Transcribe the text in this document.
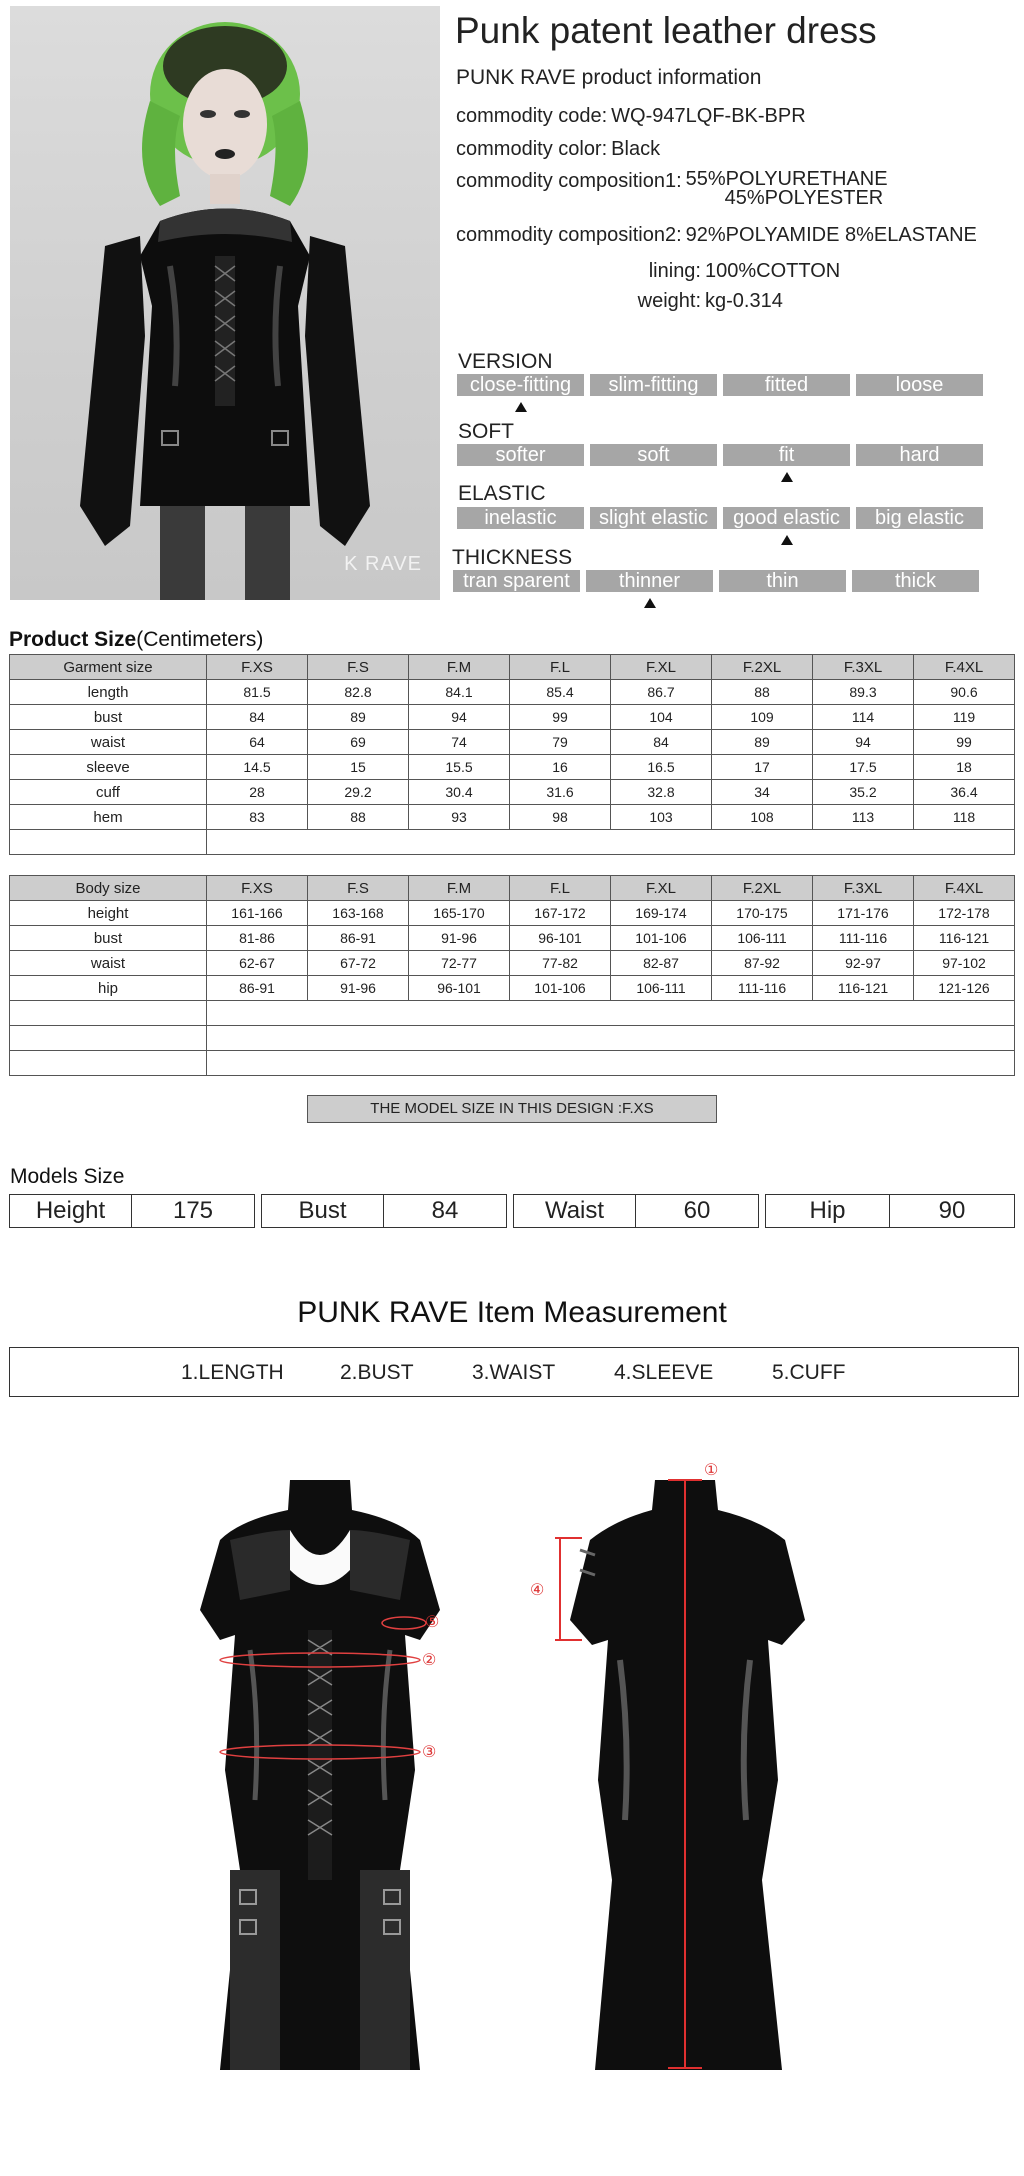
K RAVE
Punk patent leather dress
PUNK RAVE product information
commodity code: WQ-947LQF-BK-BPR
commodity color: Black
commodity composition1: 55%POLYURETHANE
45%POLYESTER
commodity composition2: 92%POLYAMIDE 8%ELASTANE
lining: 100%COTTON
weight: kg-0.314
VERSION
close-fitting	slim-fitting	fitted	loose
SOFT
softer	soft	fit	hard
ELASTIC
inelastic	slight elastic	good elastic	big elastic
THICKNESS
tran sparent	thinner	thin	thick
Product Size(Centimeters)
Garment size	F.XS	F.S	F.M	F.L	F.XL	F.2XL	F.3XL	F.4XL
length	81.5	82.8	84.1	85.4	86.7	88	89.3	90.6
bust	84	89	94	99	104	109	114	119
waist	64	69	74	79	84	89	94	99
sleeve	14.5	15	15.5	16	16.5	17	17.5	18
cuff	28	29.2	30.4	31.6	32.8	34	35.2	36.4
hem	83	88	93	98	103	108	113	118

Body size	F.XS	F.S	F.M	F.L	F.XL	F.2XL	F.3XL	F.4XL
height	161-166	163-168	165-170	167-172	169-174	170-175	171-176	172-178
bust	81-86	86-91	91-96	96-101	101-106	106-111	111-116	116-121
waist	62-67	67-72	72-77	77-82	82-87	87-92	92-97	97-102
hip	86-91	91-96	96-101	101-106	106-111	111-116	116-121	121-126

THE MODEL SIZE IN THIS DESIGN :F.XS
Models Size
Height	175	Bust	84	Waist	60	Hip	90
PUNK RAVE Item Measurement
1.LENGTH	2.BUST	3.WAIST	4.SLEEVE	5.CUFF
⑤
②
③
①
④
